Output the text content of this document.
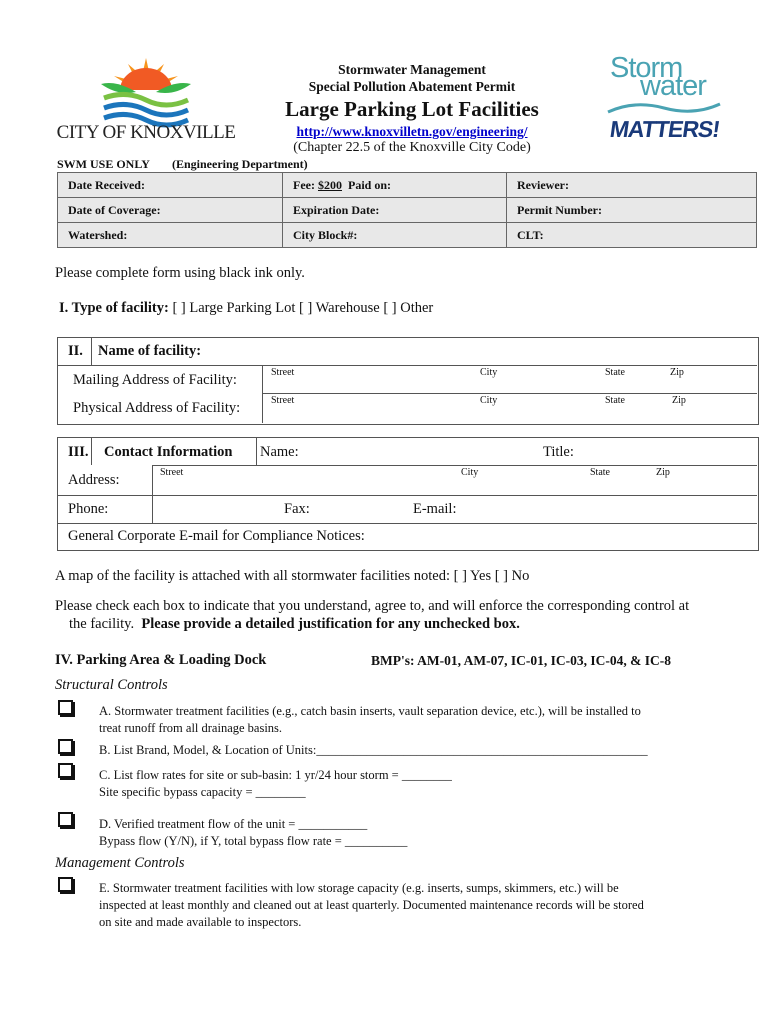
CITY OF KNOXVILLE
Stormwater Management
Special Pollution Abatement Permit
Large Parking Lot Facilities
http://www.knoxvilletn.gov/engineering/
(Chapter 22.5 of the Knoxville City Code)
Storm
water
MATTERS!
SWM USE ONLY (Engineering Department)
Date Received:	Fee: $200  Paid on:	Reviewer:
Date of Coverage:	Expiration Date:	Permit Number:
Watershed:	City Block#:	CLT:
Please complete form using black ink only.
I. Type of facility: [ ] Large Parking Lot [ ] Warehouse [ ] Other
II. Name of facility:
Mailing Address of Facility:
Physical Address of Facility:
Street	City	State	Zip
Street	City	State	Zip
III. Contact Information Name:	Title:
Address:	Street	City	State	Zip
Phone:	Fax:	E-mail:
General Corporate E-mail for Compliance Notices:
A map of the facility is attached with all stormwater facilities noted: [ ] Yes [ ] No
Please check each box to indicate that you understand, agree to, and will enforce the corresponding control at
the facility. Please provide a detailed justification for any unchecked box.
IV. Parking Area & Loading Dock	BMP's: AM-01, AM-07, IC-01, IC-03, IC-04, & IC-8
Structural Controls
A. Stormwater treatment facilities (e.g., catch basin inserts, vault separation device, etc.), will be installed to
treat runoff from all drainage basins.
B. List Brand, Model, & Location of Units:_____________________________________________________
C. List flow rates for site or sub-basin: 1 yr/24 hour storm = ________
Site specific bypass capacity = ________
D. Verified treatment flow of the unit = ___________
Bypass flow (Y/N), if Y, total bypass flow rate = __________
Management Controls
E. Stormwater treatment facilities with low storage capacity (e.g. inserts, sumps, skimmers, etc.) will be
inspected at least monthly and cleaned out at least quarterly. Documented maintenance records will be stored
on site and made available to inspectors.
